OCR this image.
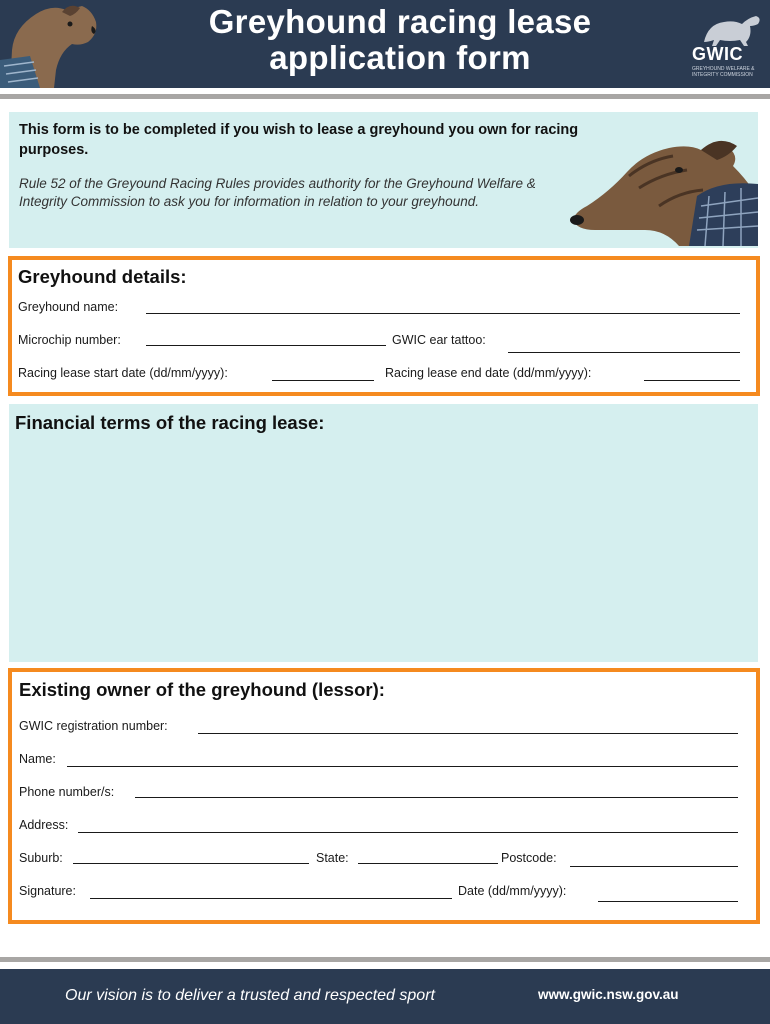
Greyhound racing lease
application form	GWIC
GREYHOUND WELFARE & INTEGRITY COMMISSION
This form is to be completed if you wish to lease a greyhound you own for racing purposes.
Rule 52 of the Greyound Racing Rules provides authority for the Greyhound Welfare & Integrity Commission to ask you for information in relation to your greyhound.
Greyhound details:
Greyhound name:
Microchip number:	GWIC ear tattoo:
Racing lease start date (dd/mm/yyyy):	Racing lease end date (dd/mm/yyyy):
Financial terms of the racing lease:
Existing owner of the greyhound (lessor):
GWIC registration number:
Name:
Phone number/s:
Address:
Suburb:	State:	Postcode:
Signature:	Date (dd/mm/yyyy):
Our vision is to deliver a trusted and respected sport	www.gwic.nsw.gov.au
